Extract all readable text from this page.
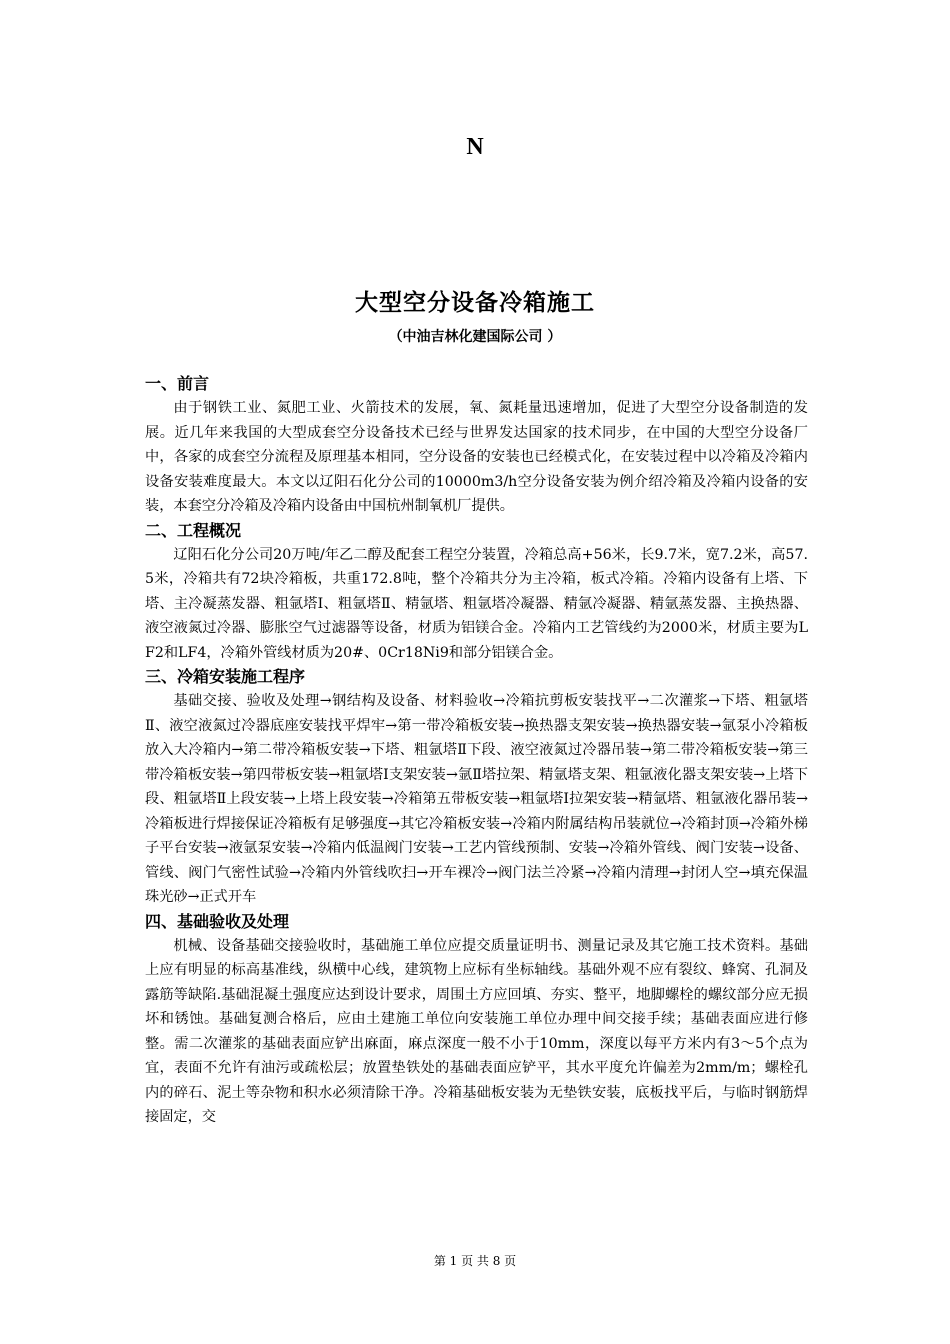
N
大型空分设备冷箱施工
（中油吉林化建国际公司 ）

一、前言

由于钢铁工业、氮肥工业、火箭技术的发展，氧、氮耗量迅速增加，促进了大型空分设备制造的发展。近几年来我国的大型成套空分设备技术已经与世界发达国家的技术同步，在中国的大型空分设备厂中，各家的成套空分流程及原理基本相同，空分设备的安装也已经模式化，在安装过程中以冷箱及冷箱内设备安装难度最大。本文以辽阳石化分公司的10000m3/h空分设备安装为例介绍冷箱及冷箱内设备的安装，本套空分冷箱及冷箱内设备由中国杭州制氧机厂提供。

二、工程概况

辽阳石化分公司20万吨/年乙二醇及配套工程空分装置，冷箱总高+56米，长9.7米，宽7.2米，高57.5米，冷箱共有72块冷箱板，共重172.8吨，整个冷箱共分为主冷箱，板式冷箱。冷箱内设备有上塔、下塔、主冷凝蒸发器、粗氩塔Ⅰ、粗氩塔Ⅱ、精氩塔、粗氩塔冷凝器、精氩冷凝器、精氩蒸发器、主换热器、液空液氮过冷器、膨胀空气过滤器等设备，材质为铝镁合金。冷箱内工艺管线约为2000米，材质主要为LF2和LF4，冷箱外管线材质为20#、0Cr18Ni9和部分铝镁合金。

三、冷箱安装施工程序

基础交接、验收及处理→钢结构及设备、材料验收→冷箱抗剪板安装找平→二次灌浆→下塔、粗氩塔Ⅱ、液空液氮过冷器底座安装找平焊牢→第一带冷箱板安装→换热器支架安装→换热器安装→氩泵小冷箱板放入大冷箱内→第二带冷箱板安装→下塔、粗氩塔Ⅱ下段、液空液氮过冷器吊装→第二带冷箱板安装→第三带冷箱板安装→第四带板安装→粗氩塔Ⅰ支架安装→氩Ⅱ塔拉架、精氩塔支架、粗氩液化器支架安装→上塔下段、粗氩塔Ⅱ上段安装→上塔上段安装→冷箱第五带板安装→粗氩塔Ⅰ拉架安装→精氩塔、粗氩液化器吊装→冷箱板进行焊接保证冷箱板有足够强度→其它冷箱板安装→冷箱内附属结构吊装就位→冷箱封顶→冷箱外梯子平台安装→液氩泵安装→冷箱内低温阀门安装→工艺内管线预制、安装→冷箱外管线、阀门安装→设备、管线、阀门气密性试验→冷箱内外管线吹扫→开车裸冷→阀门法兰冷紧→冷箱内清理→封闭人空→填充保温珠光砂→正式开车

四、基础验收及处理

机械、设备基础交接验收时，基础施工单位应提交质量证明书、测量记录及其它施工技术资料。基础上应有明显的标高基准线，纵横中心线，建筑物上应标有坐标轴线。基础外观不应有裂纹、蜂窝、孔洞及露筋等缺陷.基础混凝土强度应达到设计要求，周围土方应回填、夯实、整平，地脚螺栓的螺纹部分应无损坏和锈蚀。基础复测合格后，应由土建施工单位向安装施工单位办理中间交接手续；基础表面应进行修整。需二次灌浆的基础表面应铲出麻面，麻点深度一般不小于10mm，深度以每平方米内有3～5个点为宜，表面不允许有油污或疏松层；放置垫铁处的基础表面应铲平，其水平度允许偏差为2mm/m；螺栓孔内的碎石、泥土等杂物和积水必须清除干净。冷箱基础板安装为无垫铁安装，底板找平后，与临时钢筋焊接固定，交

第 1 页 共 8 页
